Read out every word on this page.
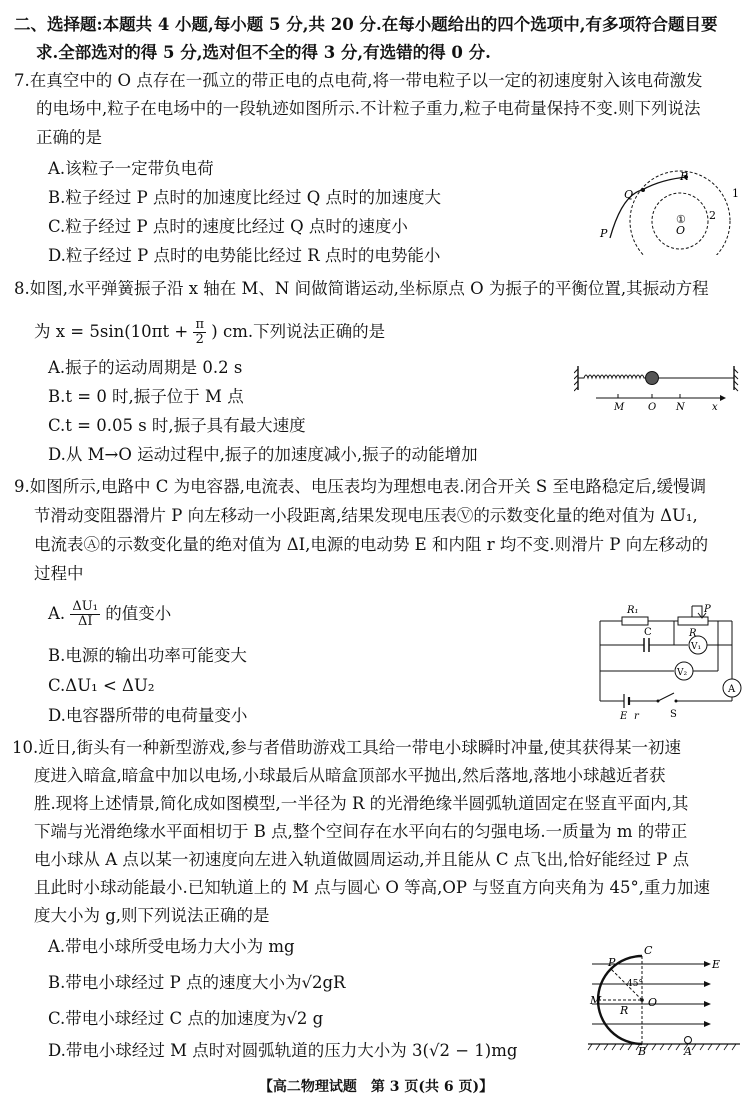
二、选择题:本题共 4 小题,每小题 5 分,共 20 分.在每小题给出的四个选项中,有多项符合题目要
求.全部选对的得 5 分,选对但不全的得 3 分,有选错的得 0 分.
7.在真空中的 O 点存在一孤立的带正电的点电荷,将一带电粒子以一定的初速度射入该电荷激发
的电场中,粒子在电场中的一段轨迹如图所示.不计粒子重力,粒子电荷量保持不变.则下列说法
正确的是
A.该粒子一定带负电荷
B.粒子经过 P 点时的加速度比经过 Q 点时的加速度大
C.粒子经过 P 点时的速度比经过 Q 点时的速度小
D.粒子经过 P 点时的电势能比经过 R 点时的电势能小
P
Q
R
①
O
1
2
8.如图,水平弹簧振子沿 x 轴在 M、N 间做简谐运动,坐标原点 O 为振子的平衡位置,其振动方程
为 $x = 5\sin(10\pi t + \frac{\pi}{2}$ ) cm.下列说法正确的是
A.振子的运动周期是 0.2 s
B.t = 0 时,振子位于 M 点
C.t = 0.05 s 时,振子具有最大速度
D.从 M→O 运动过程中,振子的加速度减小,振子的动能增加
M O N	x
9.如图所示,电路中 C 为电容器,电流表、电压表均为理想电表.闭合开关 S 至电路稳定后,缓慢调
节滑动变阻器滑片 P 向左移动一小段距离,结果发现电压表Ⓥ的示数变化量的绝对值为 ΔU₁,
电流表Ⓐ的示数变化量的绝对值为 ΔI,电源的电动势 E 和内阻 r 均不变.则滑片 P 向左移动的
过程中
A. $\frac{\text{ΔU₁}}{\Delta I}$ 的值变小
B.电源的输出功率可能变大
C.ΔU₁ < ΔU₂
D.电容器所带的电荷量变小
R₁
R
P
C
V₁
V₂
A
E r	S
10.近日,街头有一种新型游戏,参与者借助游戏工具给一带电小球瞬时冲量,使其获得某一初速
度进入暗盒,暗盒中加以电场,小球最后从暗盒顶部水平抛出,然后落地,落地小球越近者获
胜.现将上述情景,简化成如图模型,一半径为 R 的光滑绝缘半圆弧轨道固定在竖直平面内,其
下端与光滑绝缘水平面相切于 B 点,整个空间存在水平向右的匀强电场.一质量为 m 的带正
电小球从 A 点以某一初速度向左进入轨道做圆周运动,并且能从 C 点飞出,恰好能经过 P 点
且此时小球动能最小.已知轨道上的 M 点与圆心 O 等高,OP 与竖直方向夹角为 45°,重力加速
度大小为 g,则下列说法正确的是
A.带电小球所受电场力大小为 mg
B.带电小球经过 P 点的速度大小为√2gR
C.带电小球经过 C 点的加速度为√2 g
D.带电小球经过 M 点时对圆弧轨道的压力大小为 3(√2 − 1)mg
C
P	E
45°
M	O
R
B	A
【高二物理试题　第 3 页(共 6 页)】
